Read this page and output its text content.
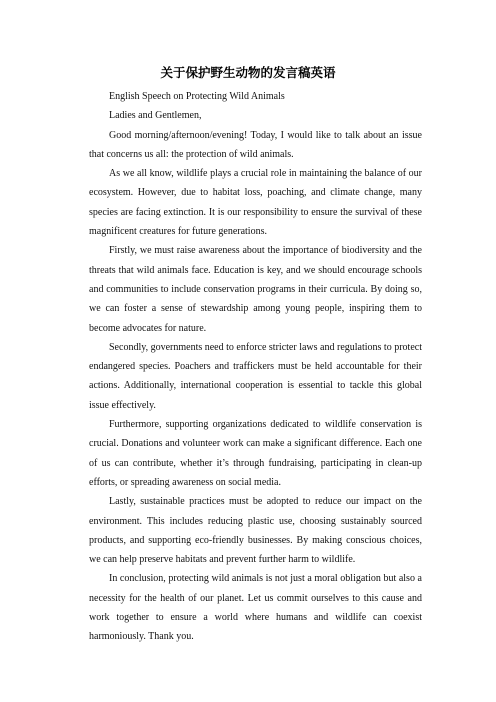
关于保护野生动物的发言稿英语

English Speech on Protecting Wild Animals

Ladies and Gentlemen,

Good morning/afternoon/evening! Today, I would like to talk about an issue that concerns us all: the protection of wild animals.

As we all know, wildlife plays a crucial role in maintaining the balance of our ecosystem. However, due to habitat loss, poaching, and climate change, many species are facing extinction. It is our responsibility to ensure the survival of these magnificent creatures for future generations.

Firstly, we must raise awareness about the importance of biodiversity and the threats that wild animals face. Education is key, and we should encourage schools and communities to include conservation programs in their curricula. By doing so, we can foster a sense of stewardship among young people, inspiring them to become advocates for nature.

Secondly, governments need to enforce stricter laws and regulations to protect endangered species. Poachers and traffickers must be held accountable for their actions. Additionally, international cooperation is essential to tackle this global issue effectively.

Furthermore, supporting organizations dedicated to wildlife conservation is crucial. Donations and volunteer work can make a significant difference. Each one of us can contribute, whether it’s through fundraising, participating in clean-up efforts, or spreading awareness on social media.

Lastly, sustainable practices must be adopted to reduce our impact on the environment. This includes reducing plastic use, choosing sustainably sourced products, and supporting eco-friendly businesses. By making conscious choices, we can help preserve habitats and prevent further harm to wildlife.

In conclusion, protecting wild animals is not just a moral obligation but also a necessity for the health of our planet. Let us commit ourselves to this cause and work together to ensure a world where humans and wildlife can coexist harmoniously. Thank you.
